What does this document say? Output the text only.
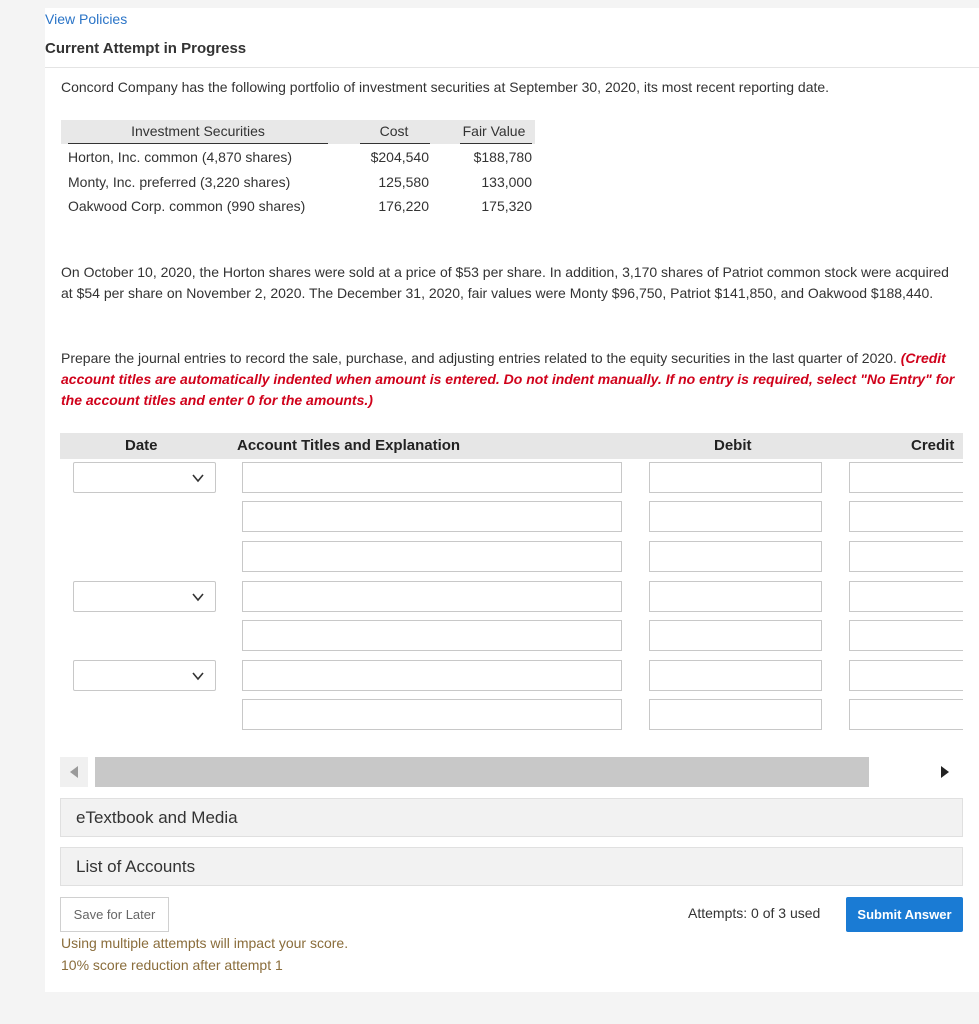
View Policies
Current Attempt in Progress
Concord Company has the following portfolio of investment securities at September 30, 2020, its most recent reporting date.
Investment Securities	Cost	Fair Value
Horton, Inc. common (4,870 shares)	$204,540	$188,780
Monty, Inc. preferred (3,220 shares)	125,580	133,000
Oakwood Corp. common (990 shares)	176,220	175,320
On October 10, 2020, the Horton shares were sold at a price of $53 per share. In addition, 3,170 shares of Patriot common stock were acquired at $54 per share on November 2, 2020. The December 31, 2020, fair values were Monty $96,750, Patriot $141,850, and Oakwood $188,440.
Prepare the journal entries to record the sale, purchase, and adjusting entries related to the equity securities in the last quarter of 2020. (Credit account titles are automatically indented when amount is entered. Do not indent manually. If no entry is required, select "No Entry" for the account titles and enter 0 for the amounts.)
Date	Account Titles and Explanation	Debit	Credit
eTextbook and Media
List of Accounts
Save for Later	Attempts: 0 of 3 used	Submit Answer
Using multiple attempts will impact your score.
10% score reduction after attempt 1
